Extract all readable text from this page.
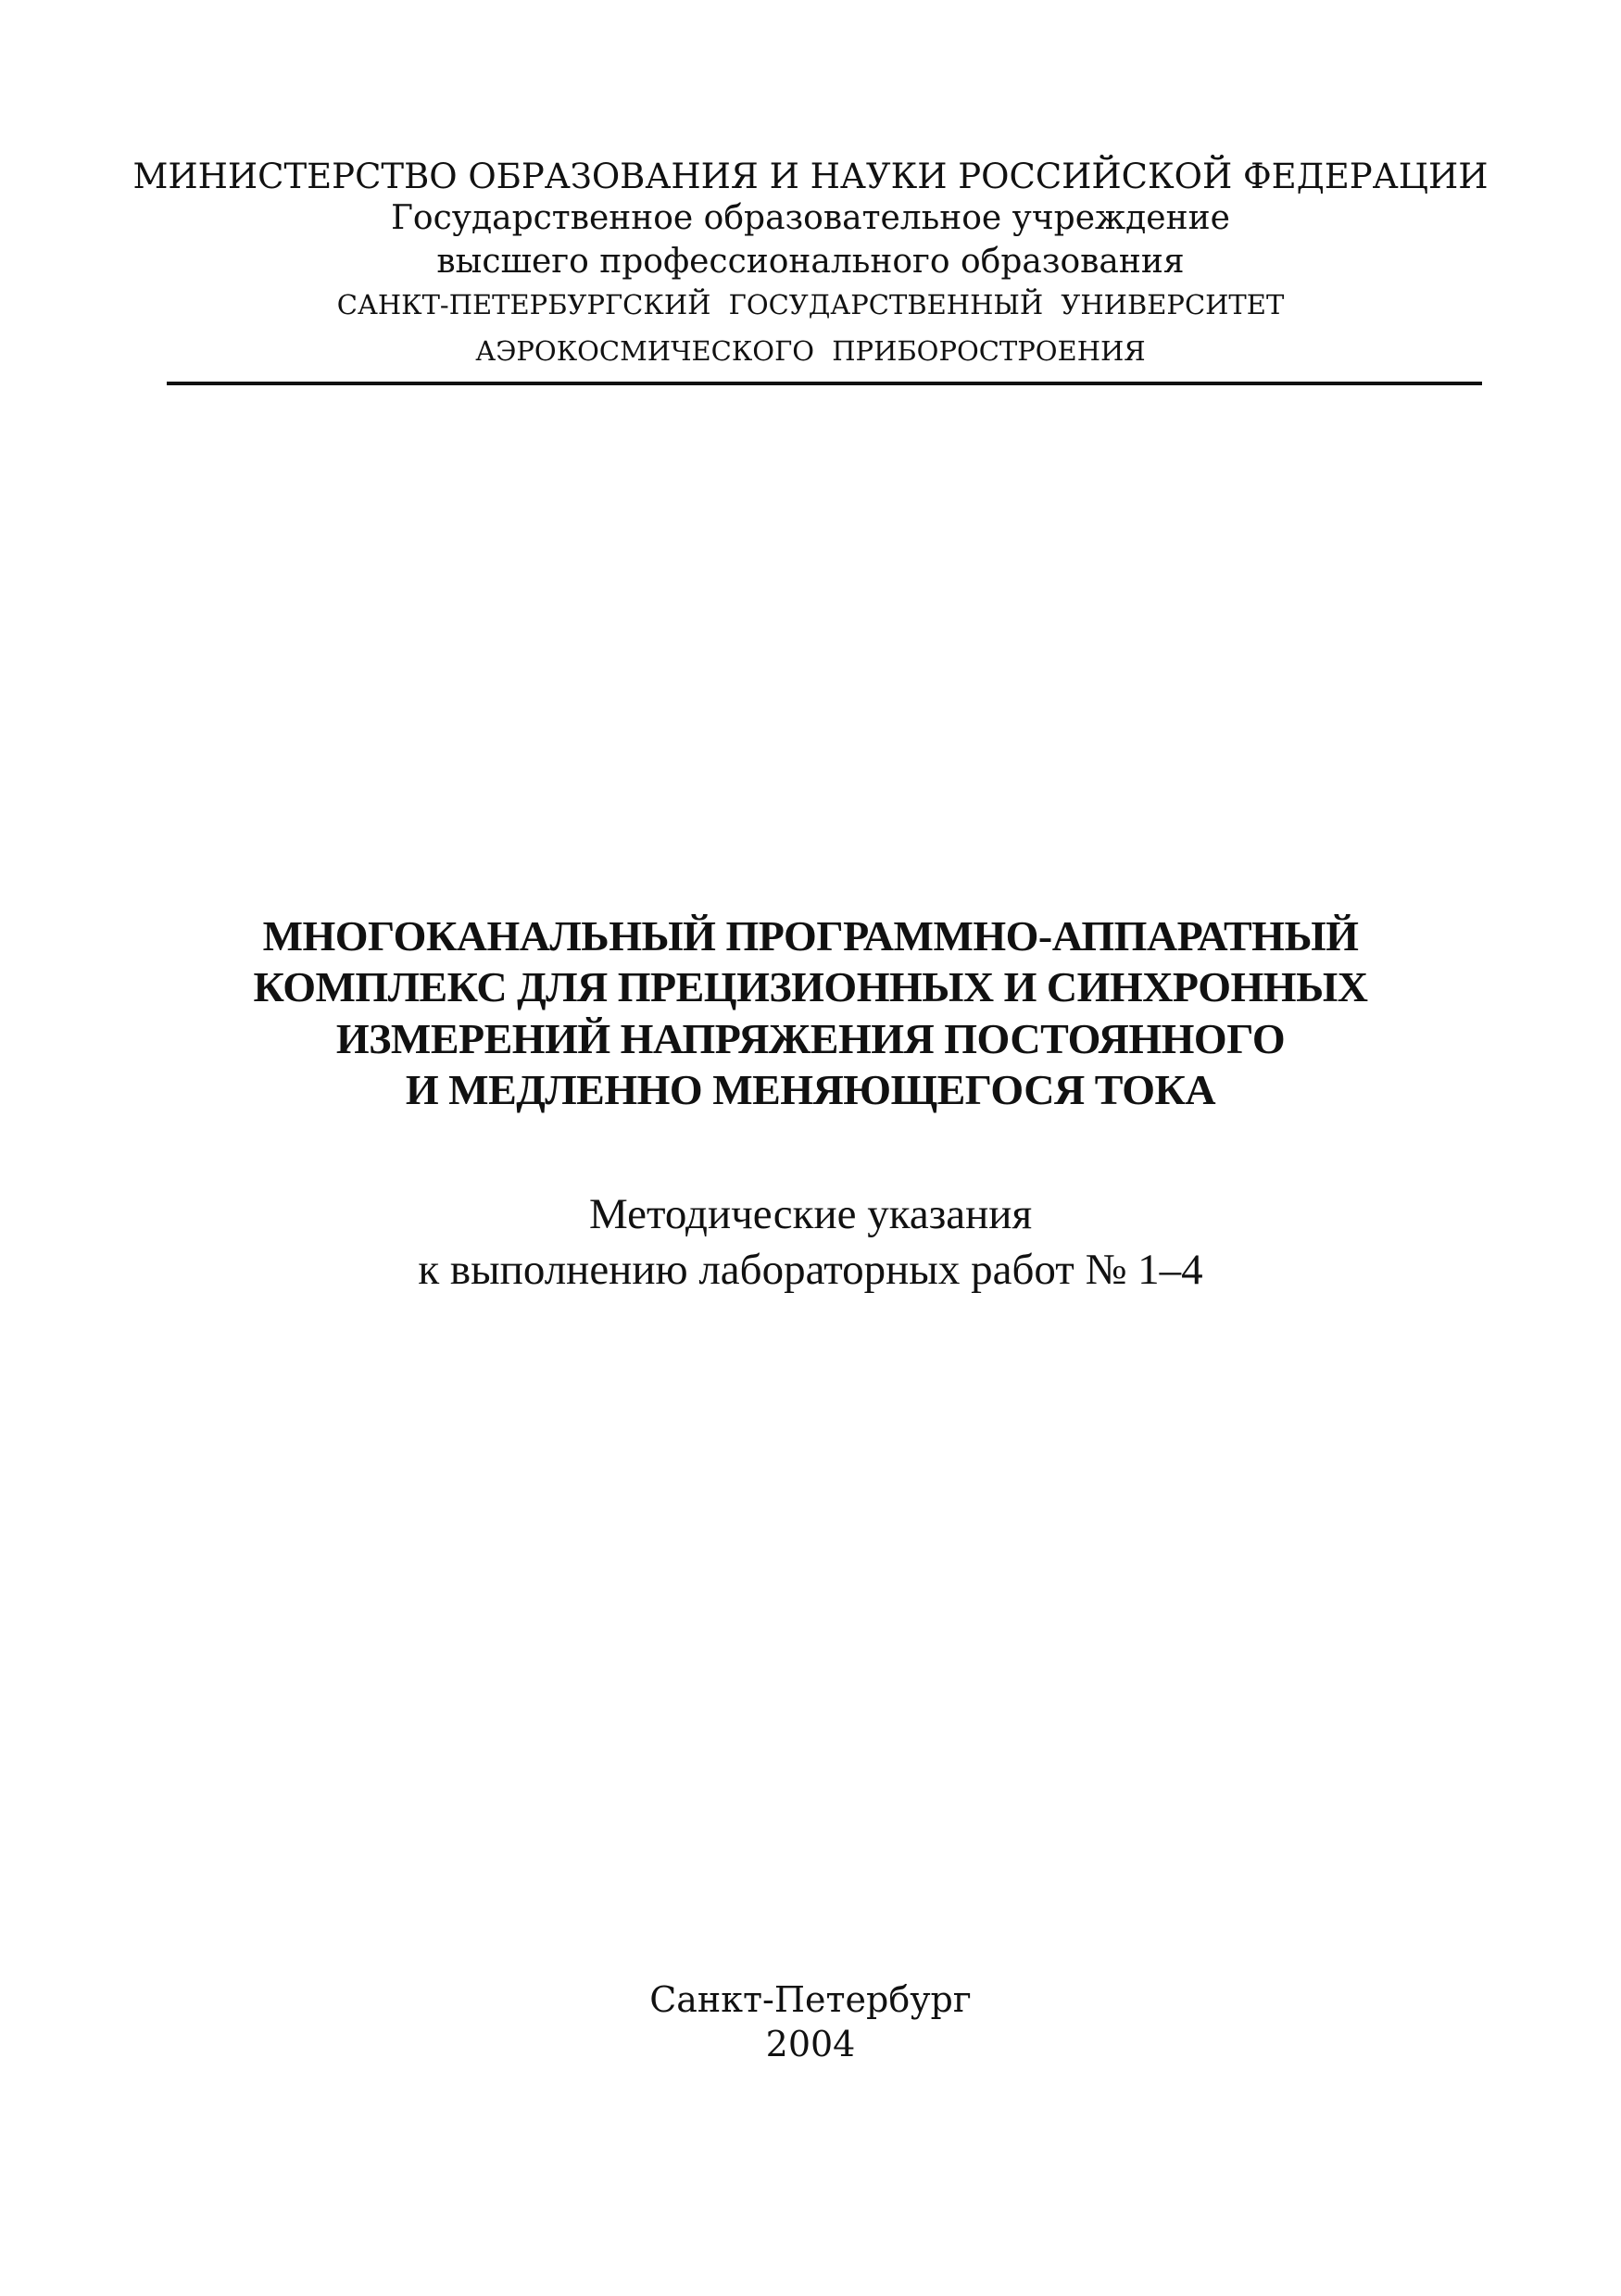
МИНИСТЕРСТВО ОБРАЗОВАНИЯ И НАУКИ РОССИЙСКОЙ ФЕДЕРАЦИИ
Государственное образовательное учреждение
высшего профессионального образования
САНКТ-ПЕТЕРБУРГСКИЙ ГОСУДАРСТВЕННЫЙ УНИВЕРСИТЕТ
АЭРОКОСМИЧЕСКОГО ПРИБОРОСТРОЕНИЯ
МНОГОКАНАЛЬНЫЙ ПРОГРАММНО-АППАРАТНЫЙ
КОМПЛЕКС ДЛЯ ПРЕЦИЗИОННЫХ И СИНХРОННЫХ
ИЗМЕРЕНИЙ НАПРЯЖЕНИЯ ПОСТОЯННОГО
И МЕДЛЕННО МЕНЯЮЩЕГОСЯ ТОКА
Методические указания
к выполнению лабораторных работ № 1–4
Санкт-Петербург
2004
